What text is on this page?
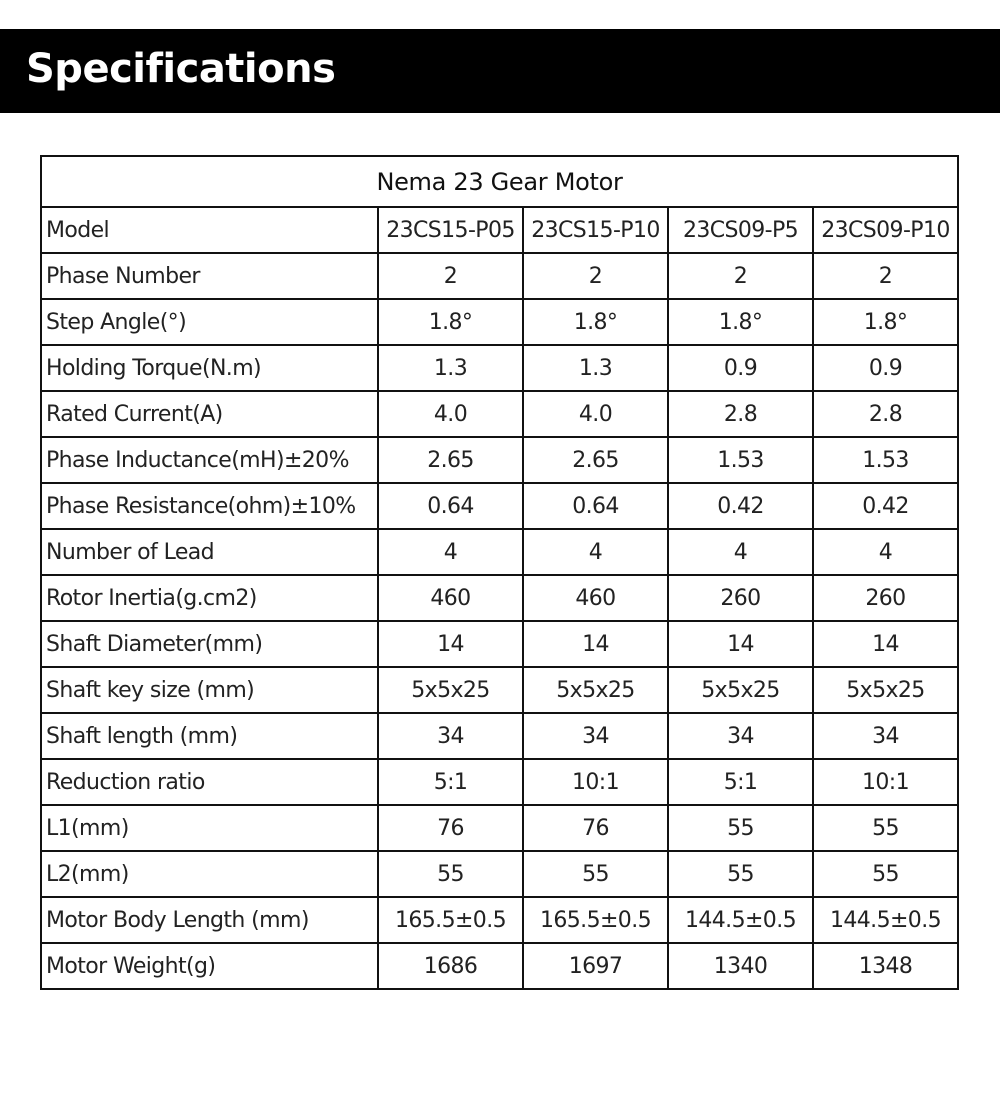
Specifications
Nema 23 Gear Motor				
Model	23CS15-P05	23CS15-P10	23CS09-P5	23CS09-P10
Phase Number	2	2	2	2
Step Angle(°)	1.8°	1.8°	1.8°	1.8°
Holding Torque(N.m)	1.3	1.3	0.9	0.9
Rated Current(A)	4.0	4.0	2.8	2.8
Phase Inductance(mH)±20%	2.65	2.65	1.53	1.53
Phase Resistance(ohm)±10%	0.64	0.64	0.42	0.42
Number of Lead	4	4	4	4
Rotor Inertia(g.cm2)	460	460	260	260
Shaft Diameter(mm)	14	14	14	14
Shaft key size (mm)	5x5x25	5x5x25	5x5x25	5x5x25
Shaft length (mm)	34	34	34	34
Reduction ratio	5:1	10:1	5:1	10:1
L1(mm)	76	76	55	55
L2(mm)	55	55	55	55
Motor Body Length (mm)	165.5±0.5	165.5±0.5	144.5±0.5	144.5±0.5
Motor Weight(g)	1686	1697	1340	1348
